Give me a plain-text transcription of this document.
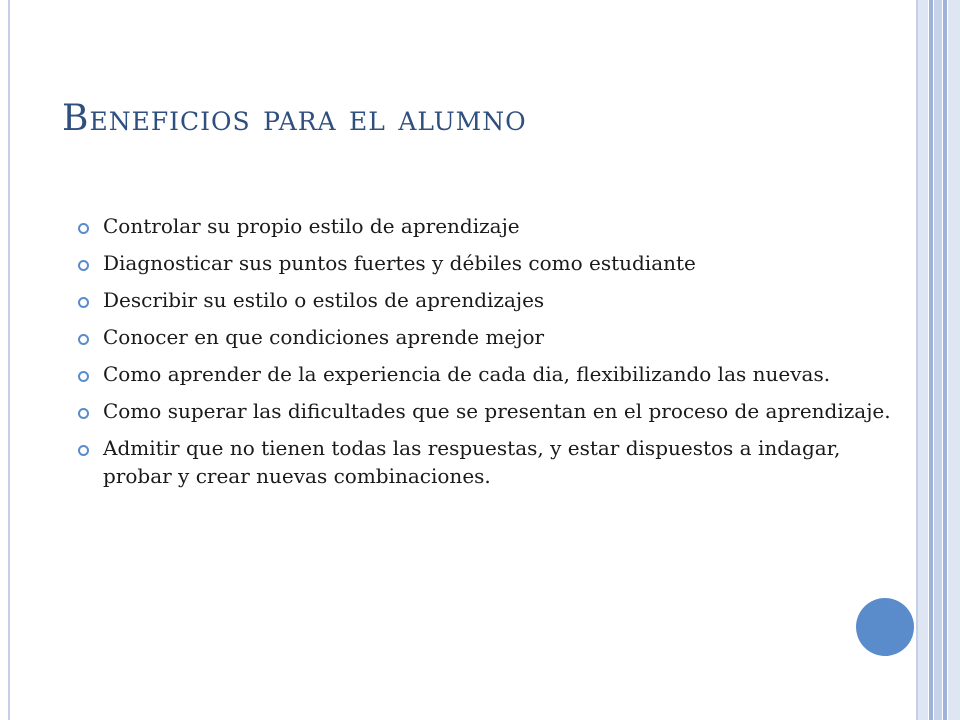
Beneficios para el alumno
Controlar su propio estilo de aprendizaje
Diagnosticar sus puntos fuertes y débiles como estudiante
Describir su estilo o estilos de aprendizajes
Conocer en que condiciones aprende mejor
Como aprender de la experiencia de cada dia, flexibilizando las nuevas.
Como superar las dificultades que se presentan en el proceso de aprendizaje.
Admitir que no tienen todas las respuestas, y estar dispuestos a indagar, probar y crear nuevas combinaciones.
